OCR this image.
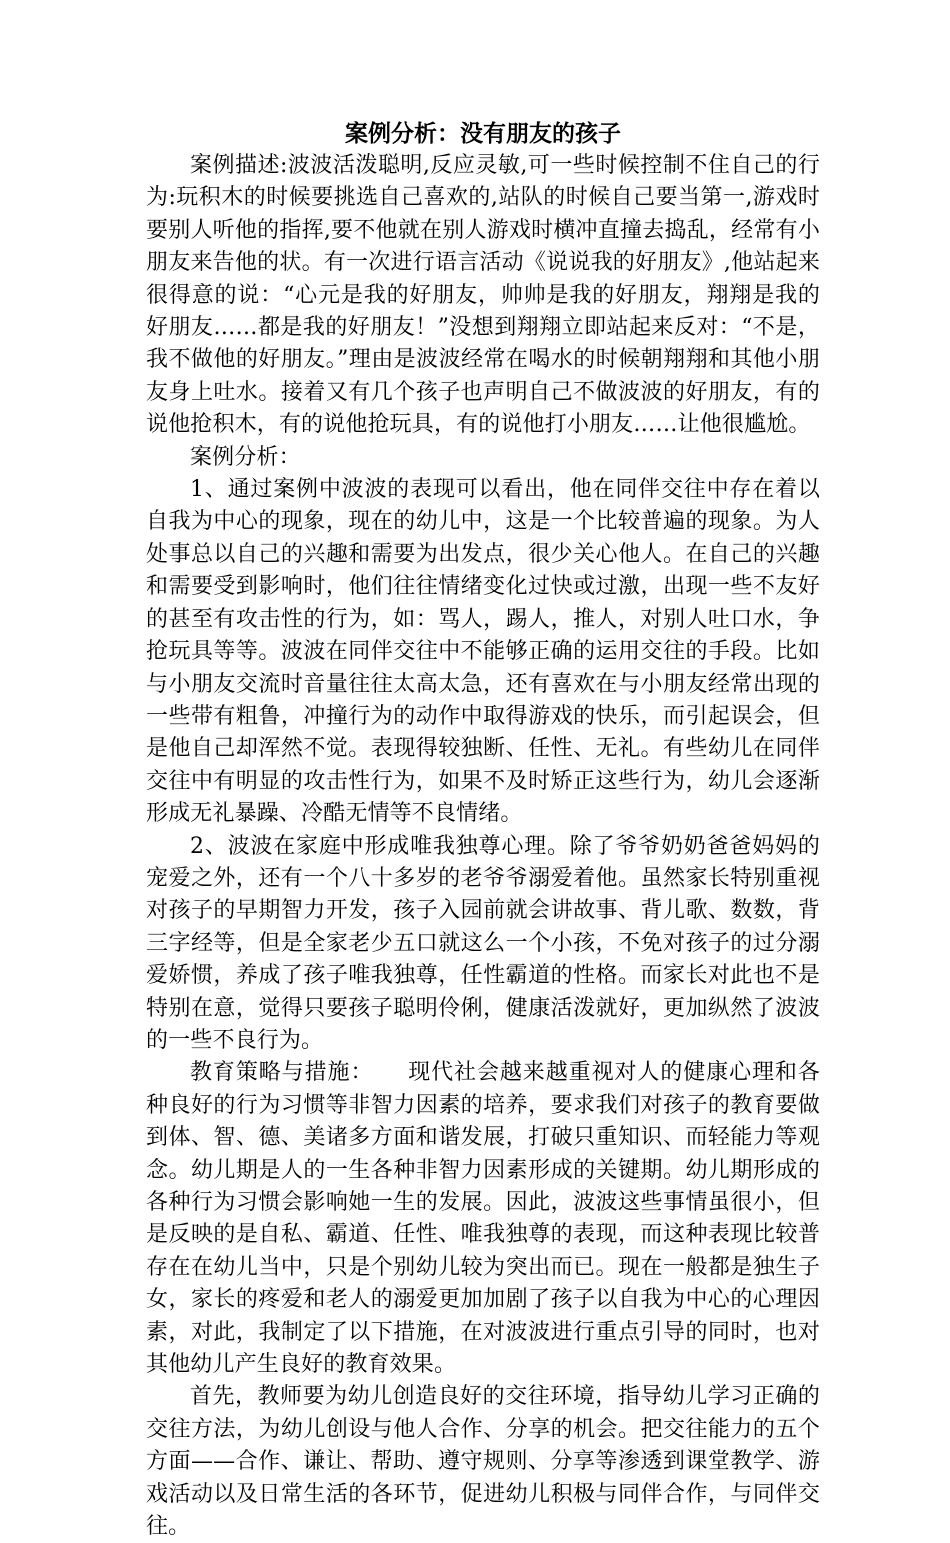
案例分析：没有朋友的孩子

案例描述:波波活泼聪明,反应灵敏,可一些时候控制不住自己的行为:玩积木的时候要挑选自己喜欢的,站队的时候自己要当第一,游戏时要别人听他的指挥,要不他就在别人游戏时横冲直撞去捣乱，经常有小朋友来告他的状。有一次进行语言活动《说说我的好朋友》,他站起来很得意的说：“心元是我的好朋友，帅帅是我的好朋友，翔翔是我的好朋友……都是我的好朋友！”没想到翔翔立即站起来反对：“不是，我不做他的好朋友。”理由是波波经常在喝水的时候朝翔翔和其他小朋友身上吐水。接着又有几个孩子也声明自己不做波波的好朋友，有的说他抢积木，有的说他抢玩具，有的说他打小朋友……让他很尴尬。

案例分析：

1、通过案例中波波的表现可以看出，他在同伴交往中存在着以自我为中心的现象，现在的幼儿中，这是一个比较普遍的现象。为人处事总以自己的兴趣和需要为出发点，很少关心他人。在自己的兴趣和需要受到影响时，他们往往情绪变化过快或过激，出现一些不友好的甚至有攻击性的行为，如：骂人，踢人，推人，对别人吐口水，争抢玩具等等。波波在同伴交往中不能够正确的运用交往的手段。比如与小朋友交流时音量往往太高太急，还有喜欢在与小朋友经常出现的一些带有粗鲁，冲撞行为的动作中取得游戏的快乐，而引起误会，但是他自己却浑然不觉。表现得较独断、任性、无礼。有些幼儿在同伴交往中有明显的攻击性行为，如果不及时矫正这些行为，幼儿会逐渐形成无礼暴躁、冷酷无情等不良情绪。

2、波波在家庭中形成唯我独尊心理。除了爷爷奶奶爸爸妈妈的宠爱之外，还有一个八十多岁的老爷爷溺爱着他。虽然家长特别重视对孩子的早期智力开发，孩子入园前就会讲故事、背儿歌、数数，背三字经等，但是全家老少五口就这么一个小孩，不免对孩子的过分溺爱娇惯，养成了孩子唯我独尊，任性霸道的性格。而家长对此也不是特别在意，觉得只要孩子聪明伶俐，健康活泼就好，更加纵然了波波的一些不良行为。

教育策略与措施：　　现代社会越来越重视对人的健康心理和各种良好的行为习惯等非智力因素的培养，要求我们对孩子的教育要做到体、智、德、美诸多方面和谐发展，打破只重知识、而轻能力等观念。幼儿期是人的一生各种非智力因素形成的关键期。幼儿期形成的各种行为习惯会影响她一生的发展。因此，波波这些事情虽很小，但是反映的是自私、霸道、任性、唯我独尊的表现，而这种表现比较普存在在幼儿当中，只是个别幼儿较为突出而已。现在一般都是独生子女，家长的疼爱和老人的溺爱更加加剧了孩子以自我为中心的心理因素，对此，我制定了以下措施，在对波波进行重点引导的同时，也对其他幼儿产生良好的教育效果。

首先，教师要为幼儿创造良好的交往环境，指导幼儿学习正确的交往方法，为幼儿创设与他人合作、分享的机会。把交往能力的五个方面——合作、谦让、帮助、遵守规则、分享等渗透到课堂教学、游戏活动以及日常生活的各环节，促进幼儿积极与同伴合作，与同伴交往。
